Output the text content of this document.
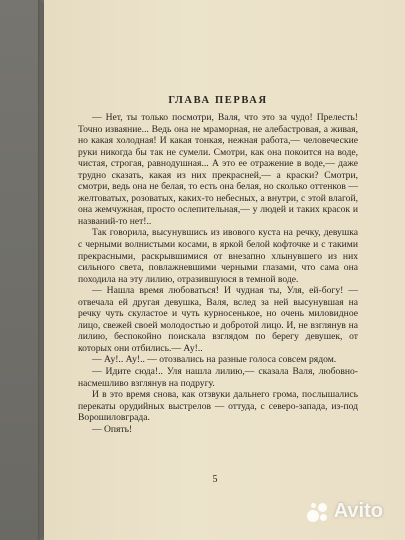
ГЛАВА ПЕРВАЯ

— Нет, ты только посмотри, Валя, что это за чудо! Прелесть! Точно изваяние... Ведь она не мраморная, не алебастровая, а живая, но какая холодная! И какая тонкая, нежная работа,— человеческие руки никогда бы так не сумели. Смотри, как она покоится на воде, чистая, строгая, равнодушная... А это ее отражение в воде,— даже трудно сказать, какая из них прекрасней,— а краски? Смотри, смотри, ведь она не белая, то есть она белая, но сколько оттенков — желтоватых, розоватых, каких-то небесных, а внутри, с этой влагой, она жемчужная, просто ослепительная,— у людей и таких красок и названий-то нет!..

Так говорила, высунувшись из ивового куста на речку, девушка с черными волнистыми косами, в яркой белой кофточке и с такими прекрасными, раскрывшимися от внезапно хлынувшего из них сильного света, повлажневшими черными глазами, что сама она походила на эту лилию, отразившуюся в темной воде.

— Нашла время любоваться! И чудная ты, Уля, ей-богу! — отвечала ей другая девушка, Валя, вслед за ней высунувшая на речку чуть скуластое и чуть курносенькое, но очень миловидное лицо, свежей своей молодостью и добротой лицо. И, не взглянув на лилию, беспокойно поискала взглядом по берегу девушек, от которых они отбились.— Ау!..

— Ау!.. Ау!.. — отозвались на разные голоса совсем рядом.

— Идите сюда!.. Уля нашла лилию,— сказала Валя, любовно-насмешливо взглянув на подругу.

И в это время снова, как отзвуки дальнего грома, послышались перекаты орудийных выстрелов — оттуда, с северо-запада, из-под Ворошиловграда.

— Опять!

5
Avito
